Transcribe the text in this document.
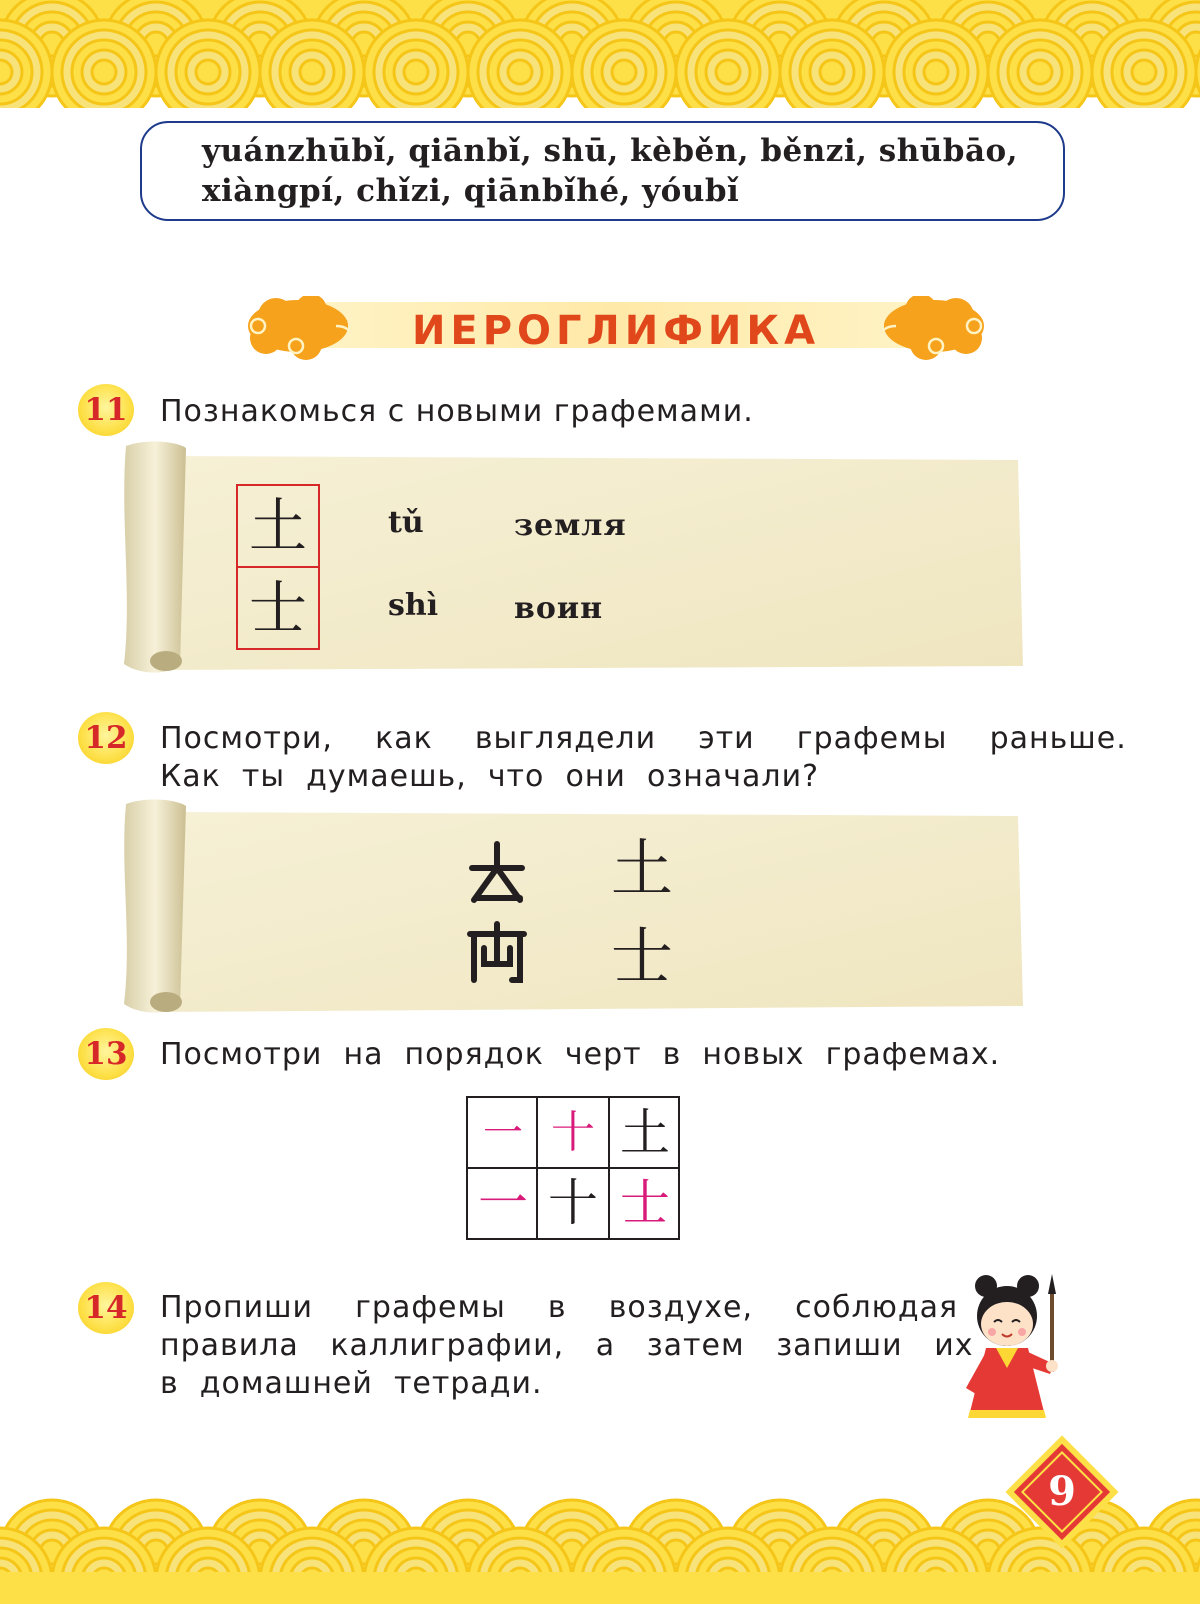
yuánzhūbǐ, qiānbǐ, shū, kèběn, běnzi, shūbāo,
xiàngpí, chǐzi, qiānbǐhé, yóubǐ
ИЕРОГЛИФИКА
11 Познакомься с новыми графемами.
土
士
tǔ
shì
земля
воин
12 Посмотри,    как    выглядели    эти    графемы    раньше.
Как  ты  думаешь,  что  они  означали?
土
士
13 Посмотри  на  порядок  черт  в  новых  графемах.
一 十 土
一 十 士
14 Пропиши    графемы    в    воздухе,    соблюдая
правила   каллиграфии,   а   затем   запиши   их
в  домашней  тетради.
9
